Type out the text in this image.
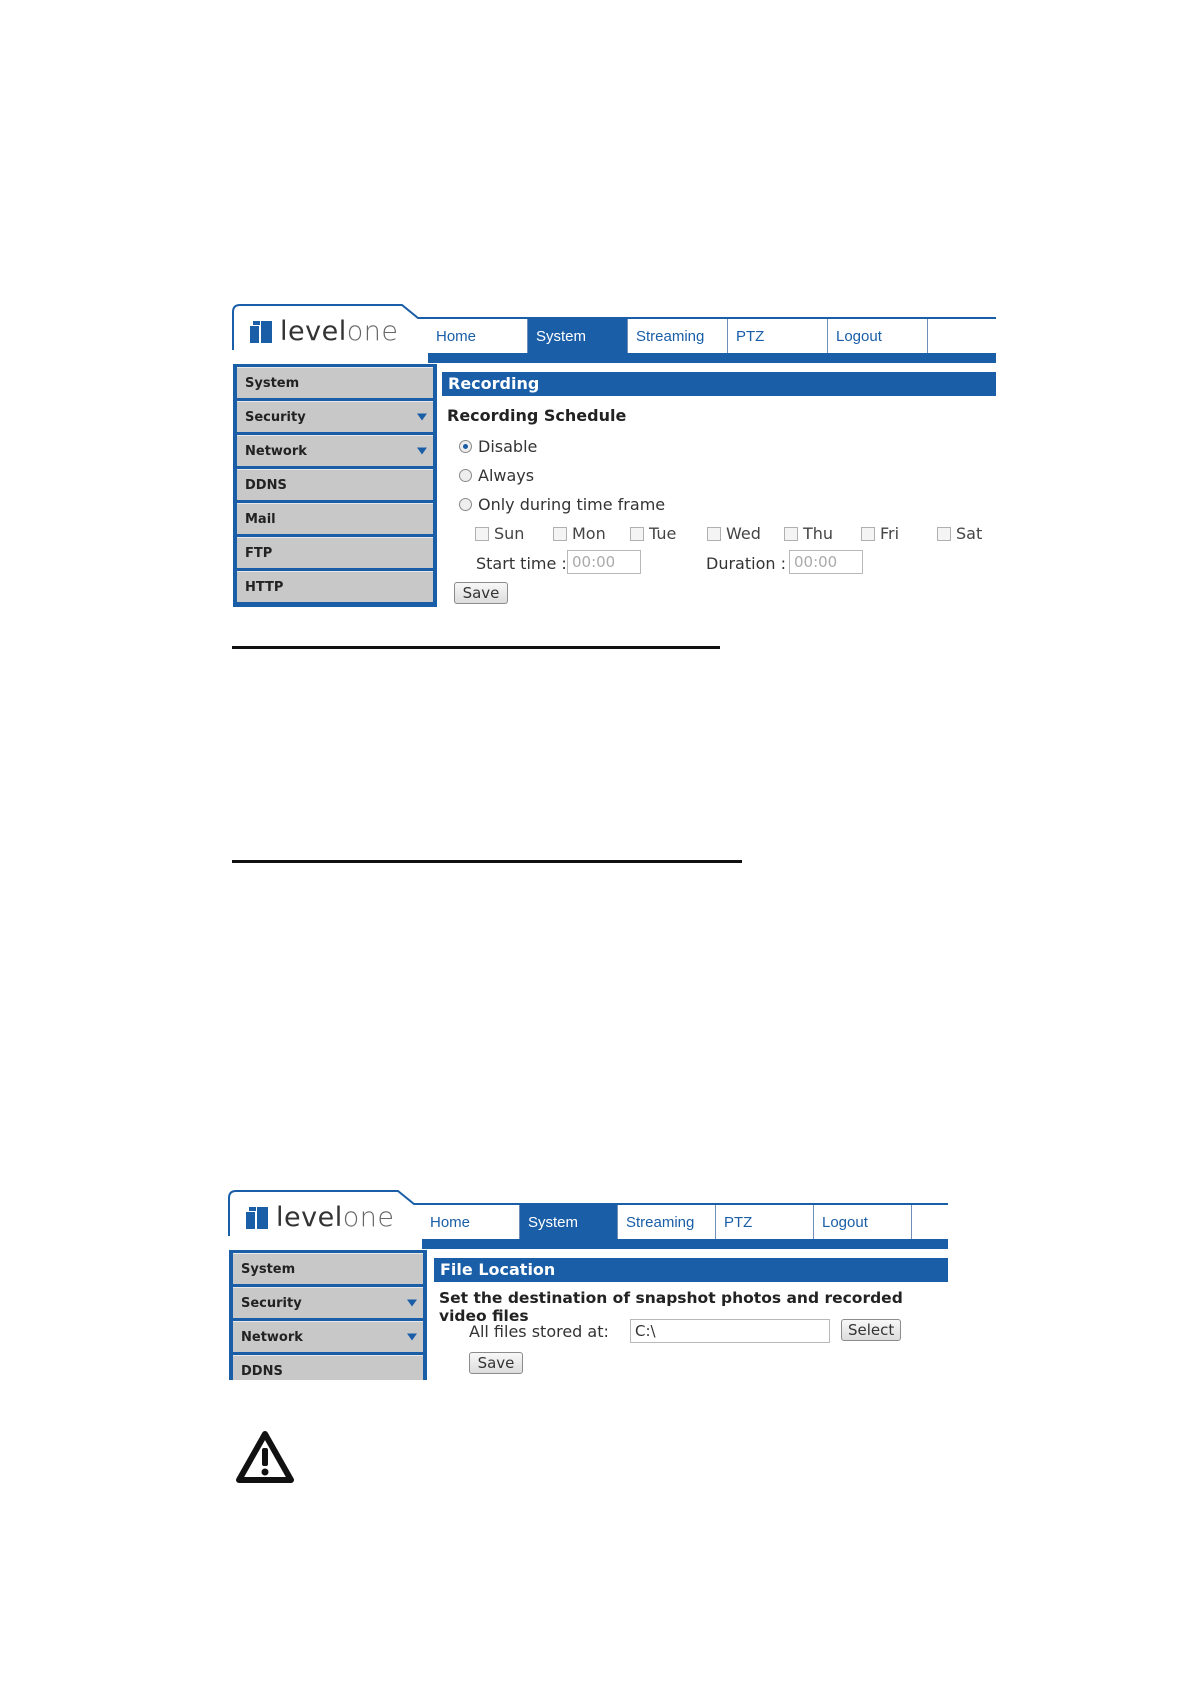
levelone	Home	System	Streaming	PTZ	Logout
System
Security
Network
DDNS
Mail
FTP
HTTP
Recording
Recording Schedule
Disable
Always
Only during time frame
Sun	Mon	Tue	Wed	Thu	Fri	Sat
Start time : 00:00	Duration : 00:00
Save
levelone	Home	System	Streaming	PTZ	Logout
System
Security
Network
DDNS
File Location
Set the destination of snapshot photos and recorded video files
All files stored at:	C:\	Select
Save
